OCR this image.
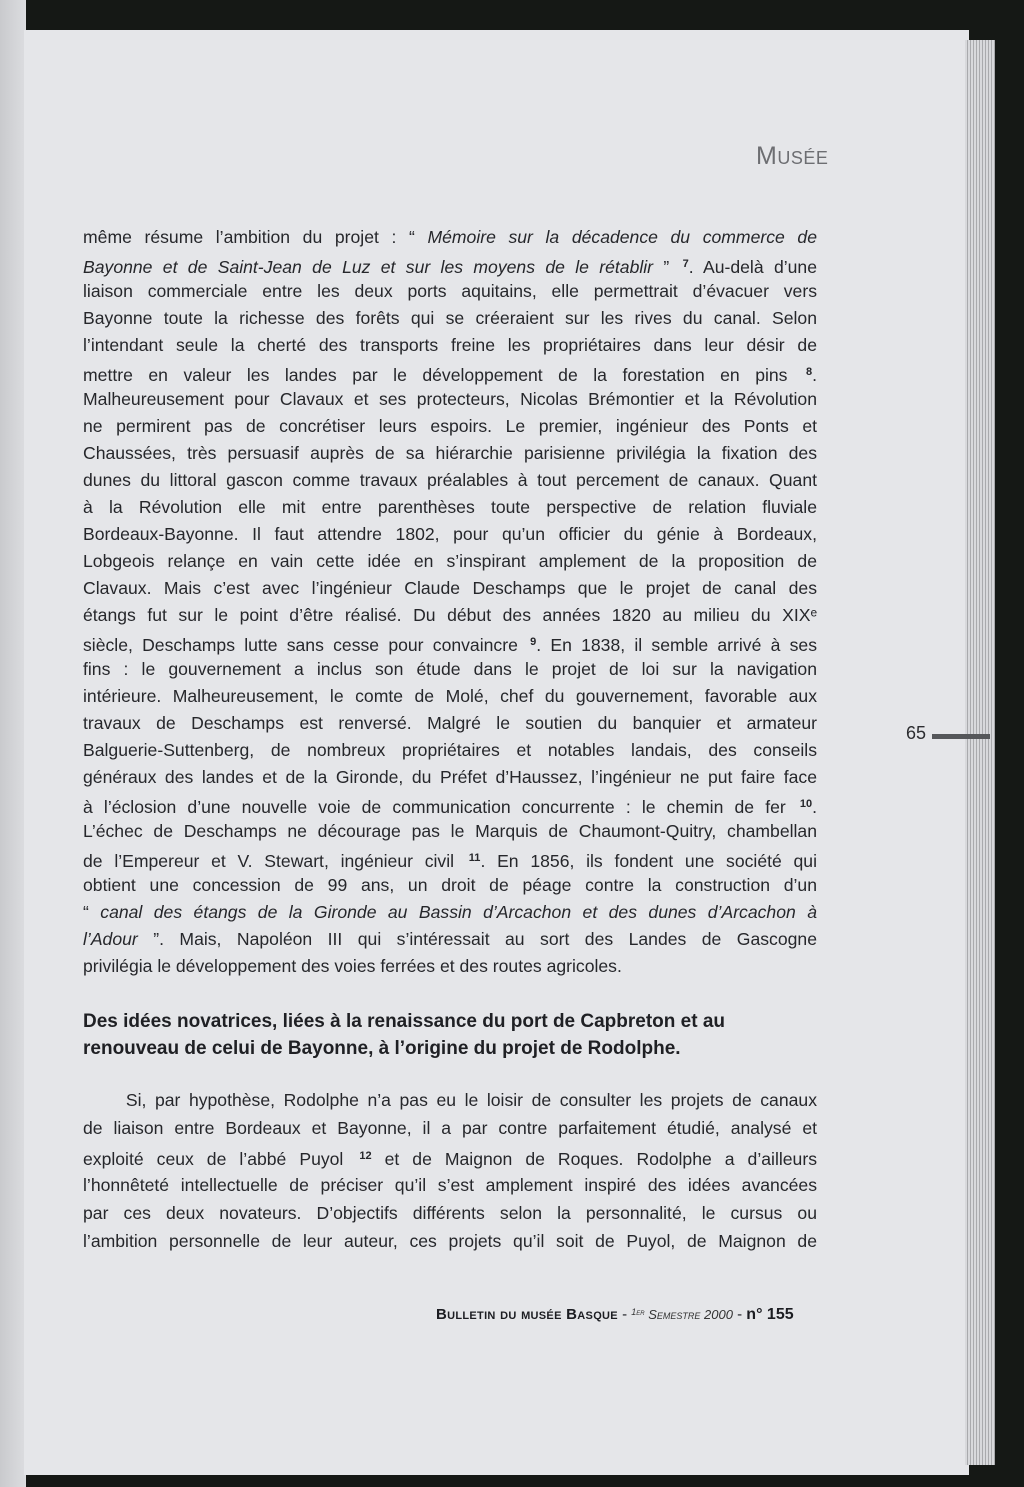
Musée
même résume l’ambition du projet : “ Mémoire sur la décadence du commerce de
Bayonne et de Saint-Jean de Luz et sur les moyens de le rétablir ” $^7$. Au-delà d’une
liaison commerciale entre les deux ports aquitains, elle permettrait d’évacuer vers
Bayonne toute la richesse des forêts qui se créeraient sur les rives du canal. Selon
l’intendant seule la cherté des transports freine les propriétaires dans leur désir de
mettre en valeur les landes par le développement de la forestation en pins $^8$.
Malheureusement pour Clavaux et ses protecteurs, Nicolas Brémontier et la Révolution
ne permirent pas de concrétiser leurs espoirs. Le premier, ingénieur des Ponts et
Chaussées, très persuasif auprès de sa hiérarchie parisienne privilégia la fixation des
dunes du littoral gascon comme travaux préalables à tout percement de canaux. Quant
à la Révolution elle mit entre parenthèses toute perspective de relation fluviale
Bordeaux-Bayonne. Il faut attendre 1802, pour qu’un officier du génie à Bordeaux,
Lobgeois relançe en vain cette idée en s’inspirant amplement de la proposition de
Clavaux. Mais c’est avec l’ingénieur Claude Deschamps que le projet de canal des
étangs fut sur le point d’être réalisé. Du début des années 1820 au milieu du XIXᵉ
siècle, Deschamps lutte sans cesse pour convaincre $^9$. En 1838, il semble arrivé à ses
fins : le gouvernement a inclus son étude dans le projet de loi sur la navigation
intérieure. Malheureusement, le comte de Molé, chef du gouvernement, favorable aux
travaux de Deschamps est renversé. Malgré le soutien du banquier et armateur
Balguerie-Suttenberg, de nombreux propriétaires et notables landais, des conseils
généraux des landes et de la Gironde, du Préfet d’Haussez, l’ingénieur ne put faire face
à l’éclosion d’une nouvelle voie de communication concurrente : le chemin de fer $^{10}$.
L’échec de Deschamps ne décourage pas le Marquis de Chaumont-Quitry, chambellan
de l’Empereur et V. Stewart, ingénieur civil $^{11}$. En 1856, ils fondent une société qui
obtient une concession de 99 ans, un droit de péage contre la construction d’un
“ canal des étangs de la Gironde au Bassin d’Arcachon et des dunes d’Arcachon à
l’Adour ”. Mais, Napoléon III qui s’intéressait au sort des Landes de Gascogne
privilégia le développement des voies ferrées et des routes agricoles.
Des idées novatrices, liées à la renaissance du port de Capbreton et au
renouveau de celui de Bayonne, à l’origine du projet de Rodolphe.
Si, par hypothèse, Rodolphe n’a pas eu le loisir de consulter les projets de canaux
de liaison entre Bordeaux et Bayonne, il a par contre parfaitement étudié, analysé et
exploité ceux de l’abbé Puyol $^{12}$ et de Maignon de Roques. Rodolphe a d’ailleurs
l’honnêteté intellectuelle de préciser qu’il s’est amplement inspiré des idées avancées
par ces deux novateurs. D’objectifs différents selon la personnalité, le cursus ou
l’ambition personnelle de leur auteur, ces projets qu’il soit de Puyol, de Maignon de
65
Bulletin du musée Basque - $^{1er}$ Semestre 2000 - n° 155
